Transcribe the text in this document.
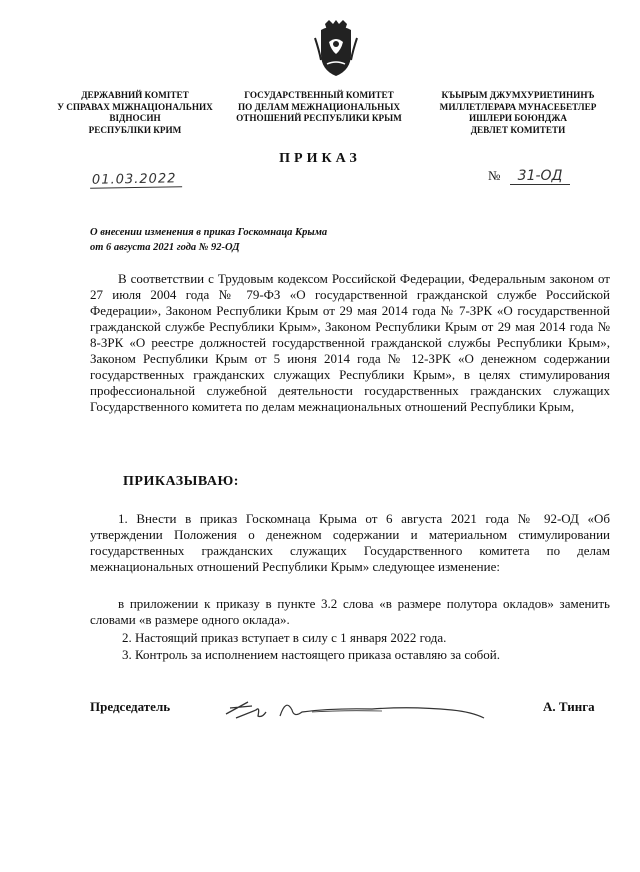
ДЕРЖАВНИЙ КОМІТЕТ
У СПРАВАХ МІЖНАЦІОНАЛЬНИХ
ВІДНОСИН
РЕСПУБЛІКИ КРИМ
ГОСУДАРСТВЕННЫЙ КОМИТЕТ
ПО ДЕЛАМ МЕЖНАЦИОНАЛЬНЫХ
ОТНОШЕНИЙ РЕСПУБЛИКИ КРЫМ
КЪЫРЫМ ДЖУМХУРИЕТИНИНЪ
МИЛЛЕТЛЕРАРА МУНАСЕБЕТЛЕР
ИШЛЕРИ БОЮНДЖА
ДЕВЛЕТ КОМИТЕТИ
ПРИКАЗ
01.03.2022	№ 31-ОД
О внесении изменения в приказ Госкомнаца Крыма
от 6 августа 2021 года № 92-ОД
В соответствии с Трудовым кодексом Российской Федерации, Федеральным законом от 27 июля 2004 года № 79-ФЗ «О государственной гражданской службе Российской Федерации», Законом Республики Крым от 29 мая 2014 года № 7-ЗРК «О государственной гражданской службе Республики Крым», Законом Республики Крым от 29 мая 2014 года № 8-ЗРК «О реестре должностей государственной гражданской службы Республики Крым», Законом Республики Крым от 5 июня 2014 года № 12-ЗРК «О денежном содержании государственных гражданских служащих Республики Крым», в целях стимулирования профессиональной служебной деятельности государственных гражданских служащих Государственного комитета по делам межнациональных отношений Республики Крым,
ПРИКАЗЫВАЮ:
1. Внести в приказ Госкомнаца Крыма от 6 августа 2021 года № 92-ОД «Об утверждении Положения о денежном содержании и материальном стимулировании государственных гражданских служащих Государственного комитета по делам межнациональных отношений Республики Крым» следующее изменение:
в приложении к приказу в пункте 3.2 слова «в размере полутора окладов» заменить словами «в размере одного оклада».
2. Настоящий приказ вступает в силу с 1 января 2022 года.
3. Контроль за исполнением настоящего приказа оставляю за собой.
Председатель	А. Тинга
